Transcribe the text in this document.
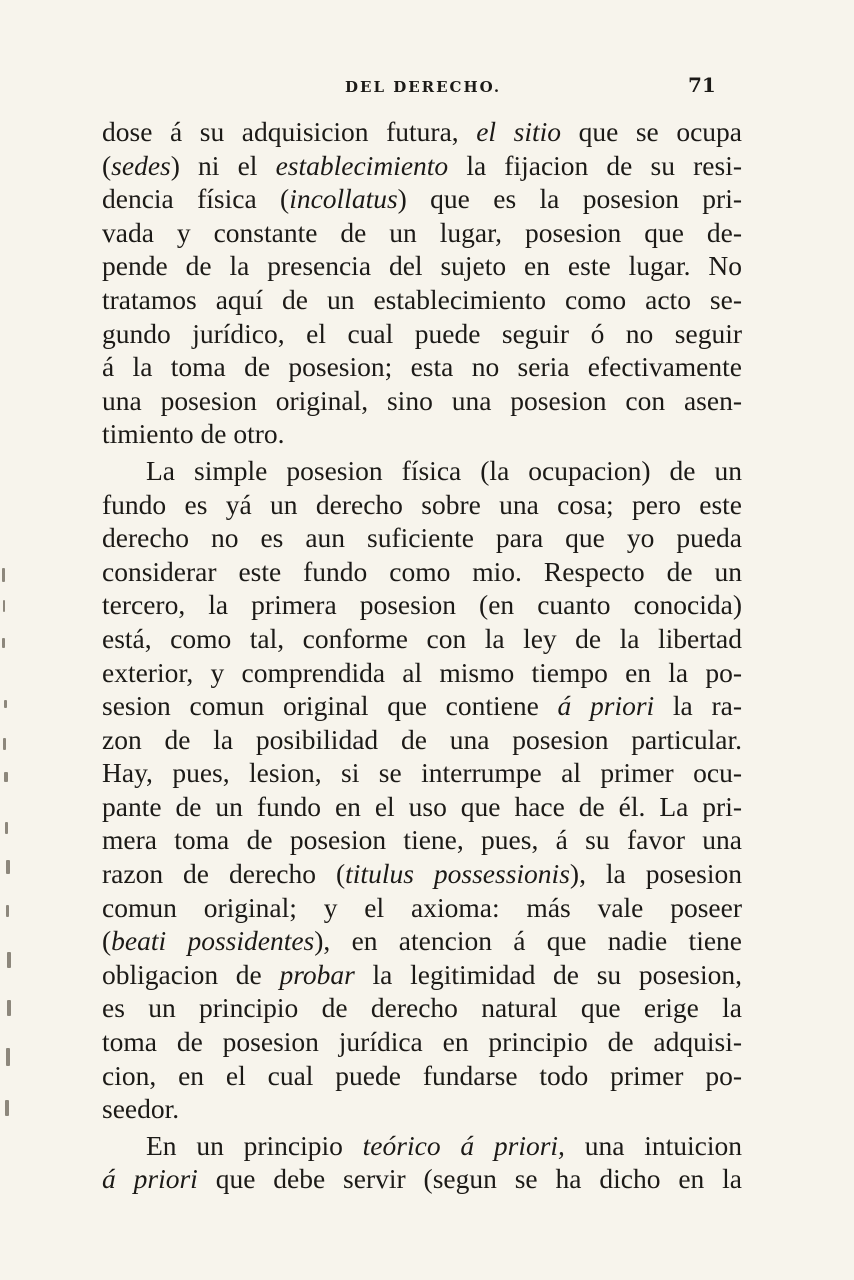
DEL DERECHO.	71
dose á su adquisicion futura, el sitio que se ocupa
(sedes) ni el establecimiento la fijacion de su resi-
dencia física (incollatus) que es la posesion pri-
vada y constante de un lugar, posesion que de-
pende de la presencia del sujeto en este lugar. No
tratamos aquí de un establecimiento como acto se-
gundo jurídico, el cual puede seguir ó no seguir
á la toma de posesion; esta no seria efectivamente
una posesion original, sino una posesion con asen-
timiento de otro.
La simple posesion física (la ocupacion) de un
fundo es yá un derecho sobre una cosa; pero este
derecho no es aun suficiente para que yo pueda
considerar este fundo como mio. Respecto de un
tercero, la primera posesion (en cuanto conocida)
está, como tal, conforme con la ley de la libertad
exterior, y comprendida al mismo tiempo en la po-
sesion comun original que contiene á priori la ra-
zon de la posibilidad de una posesion particular.
Hay, pues, lesion, si se interrumpe al primer ocu-
pante de un fundo en el uso que hace de él. La pri-
mera toma de posesion tiene, pues, á su favor una
razon de derecho (titulus possessionis), la posesion
comun original; y el axioma: más vale poseer
(beati possidentes), en atencion á que nadie tiene
obligacion de probar la legitimidad de su posesion,
es un principio de derecho natural que erige la
toma de posesion jurídica en principio de adquisi-
cion, en el cual puede fundarse todo primer po-
seedor.
En un principio teórico á priori, una intuicion
á priori que debe servir (segun se ha dicho en la
